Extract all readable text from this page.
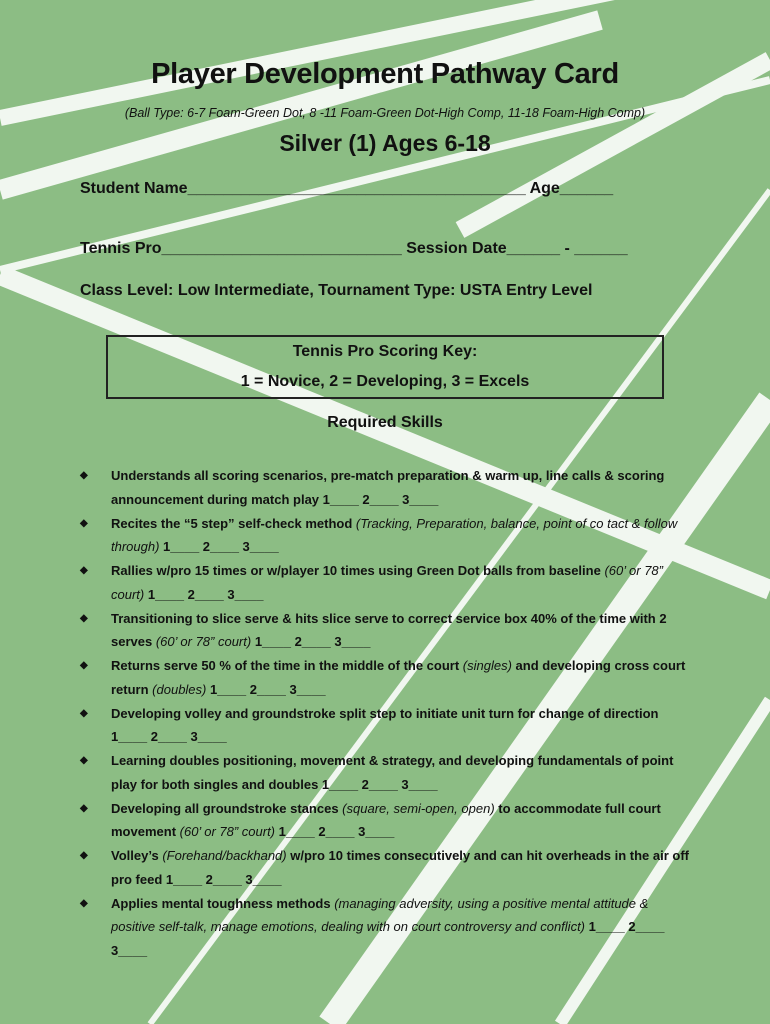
Player Development Pathway Card
(Ball Type: 6-7 Foam-Green Dot, 8 -11 Foam-Green Dot-High Comp, 11-18 Foam-High Comp)
Silver (1) Ages 6-18
Student Name______________________________________ Age______
Tennis Pro___________________________ Session Date______ - ______
Class Level: Low Intermediate, Tournament Type: USTA Entry Level
Tennis Pro Scoring Key:
1 = Novice, 2 = Developing, 3 = Excels
Required Skills
◆ Understands all scoring scenarios, pre-match preparation & warm up, line calls & scoring announcement during match play 1____ 2____ 3____
◆ Recites the “5 step” self-check method (Tracking, Preparation, balance, point of co tact & follow through) 1____ 2____ 3____
◆ Rallies w/pro 15 times or w/player 10 times using Green Dot balls from baseline (60’ or 78” court) 1____ 2____ 3____
◆ Transitioning to slice serve & hits slice serve to correct service box 40% of the time with 2 serves (60’ or 78” court) 1____ 2____ 3____
◆ Returns serve 50 % of the time in the middle of the court (singles) and developing cross court return (doubles) 1____ 2____ 3____
◆ Developing volley and groundstroke split step to initiate unit turn for change of direction 1____ 2____ 3____
◆ Learning doubles positioning, movement & strategy, and developing fundamentals of point play for both singles and doubles 1____ 2____ 3____
◆ Developing all groundstroke stances (square, semi-open, open) to accommodate full court movement (60’ or 78” court) 1____ 2____ 3____
◆ Volley’s (Forehand/backhand) w/pro 10 times consecutively and can hit overheads in the air off pro feed 1____ 2____ 3____
◆ Applies mental toughness methods (managing adversity, using a positive mental attitude & positive self-talk, manage emotions, dealing with on court controversy and conflict) 1____ 2____ 3____
